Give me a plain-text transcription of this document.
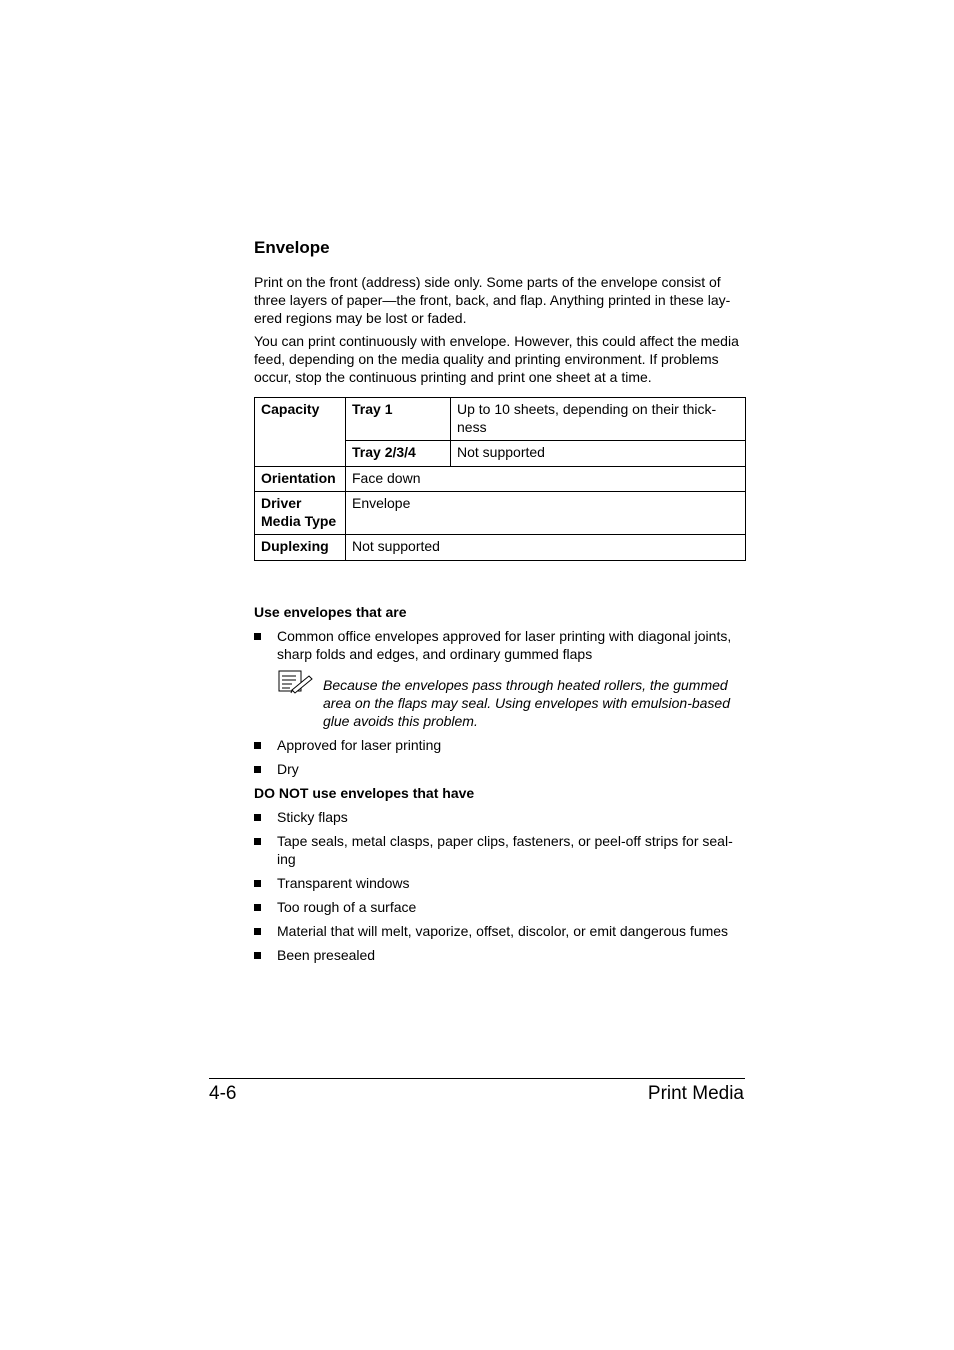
Envelope

Print on the front (address) side only. Some parts of the envelope consist of three layers of paper—the front, back, and flap. Anything printed in these lay-ered regions may be lost or faded.

You can print continuously with envelope. However, this could affect the media feed, depending on the media quality and printing environment. If problems occur, stop the continuous printing and print one sheet at a time.

Capacity	Tray 1	Up to 10 sheets, depending on their thick-ness
	Tray 2/3/4	Not supported
Orientation	Face down	
Driver
Media Type	Envelope	
Duplexing	Not supported	

Use envelopes that are

Common office envelopes approved for laser printing with diagonal joints, sharp folds and edges, and ordinary gummed flaps

Because the envelopes pass through heated rollers, the gummed area on the flaps may seal. Using envelopes with emulsion-based glue avoids this problem.

Approved for laser printing
Dry

DO NOT use envelopes that have

Sticky flaps
Tape seals, metal clasps, paper clips, fasteners, or peel-off strips for seal-ing
Transparent windows
Too rough of a surface
Material that will melt, vaporize, offset, discolor, or emit dangerous fumes
Been presealed
4-6	Print Media
